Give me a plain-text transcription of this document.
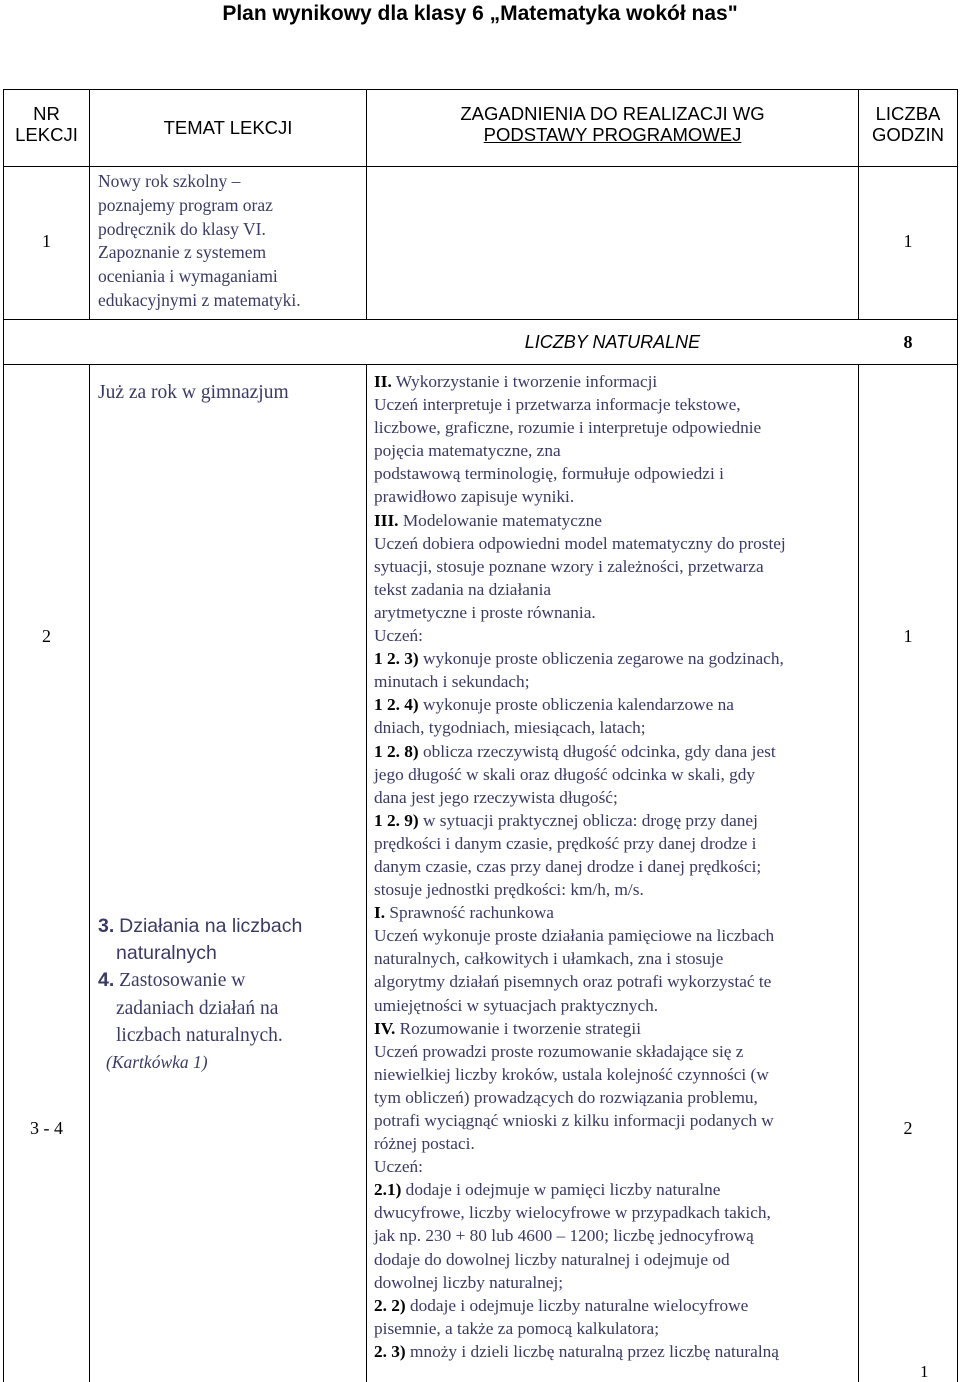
Plan wynikowy dla klasy 6 „Matematyka wokół nas"
NR
LEKCJI	TEMAT LEKCJI
ZAGADNIENIA DO REALIZACJI WG
PODSTAWY PROGRAMOWEJ
LICZBA
GODZIN
1
Nowy rok szkolny –
poznajemy program oraz
podręcznik do klasy VI.
Zapoznanie z systemem
oceniania i wymaganiami
edukacyjnymi z matematyki.
1
LICZBY NATURALNE	8
2
3 - 4
Już za rok w gimnazjum
3. Działania na liczbach
naturalnych
4. Zastosowanie w
zadaniach działań na
liczbach naturalnych.
(Kartkówka 1)
1
2
II. Wykorzystanie i tworzenie informacji
Uczeń interpretuje i przetwarza informacje tekstowe,
liczbowe, graficzne, rozumie i interpretuje odpowiednie
pojęcia matematyczne, zna
podstawową terminologię, formułuje odpowiedzi i
prawidłowo zapisuje wyniki.
III. Modelowanie matematyczne
Uczeń dobiera odpowiedni model matematyczny do prostej
sytuacji, stosuje poznane wzory i zależności, przetwarza
tekst zadania na działania
arytmetyczne i proste równania.
Uczeń:
1 2. 3) wykonuje proste obliczenia zegarowe na godzinach,
minutach i sekundach;
1 2. 4) wykonuje proste obliczenia kalendarzowe na
dniach, tygodniach, miesiącach, latach;
1 2. 8) oblicza rzeczywistą długość odcinka, gdy dana jest
jego długość w skali oraz długość odcinka w skali, gdy
dana jest jego rzeczywista długość;
1 2. 9) w sytuacji praktycznej oblicza: drogę przy danej
prędkości i danym czasie, prędkość przy danej drodze i
danym czasie, czas przy danej drodze i danej prędkości;
stosuje jednostki prędkości: km/h, m/s.
I. Sprawność rachunkowa
Uczeń wykonuje proste działania pamięciowe na liczbach
naturalnych, całkowitych i ułamkach, zna i stosuje
algorytmy działań pisemnych oraz potrafi wykorzystać te
umiejętności w sytuacjach praktycznych.
IV. Rozumowanie i tworzenie strategii
Uczeń prowadzi proste rozumowanie składające się z
niewielkiej liczby kroków, ustala kolejność czynności (w
tym obliczeń) prowadzących do rozwiązania problemu,
potrafi wyciągnąć wnioski z kilku informacji podanych w
różnej postaci.
Uczeń:
2.1) dodaje i odejmuje w pamięci liczby naturalne
dwucyfrowe, liczby wielocyfrowe w przypadkach takich,
jak np. 230 + 80 lub 4600 – 1200; liczbę jednocyfrową
dodaje do dowolnej liczby naturalnej i odejmuje od
dowolnej liczby naturalnej;
2. 2) dodaje i odejmuje liczby naturalne wielocyfrowe
pisemnie, a także za pomocą kalkulatora;
2. 3) mnoży i dzieli liczbę naturalną przez liczbę naturalną
1
